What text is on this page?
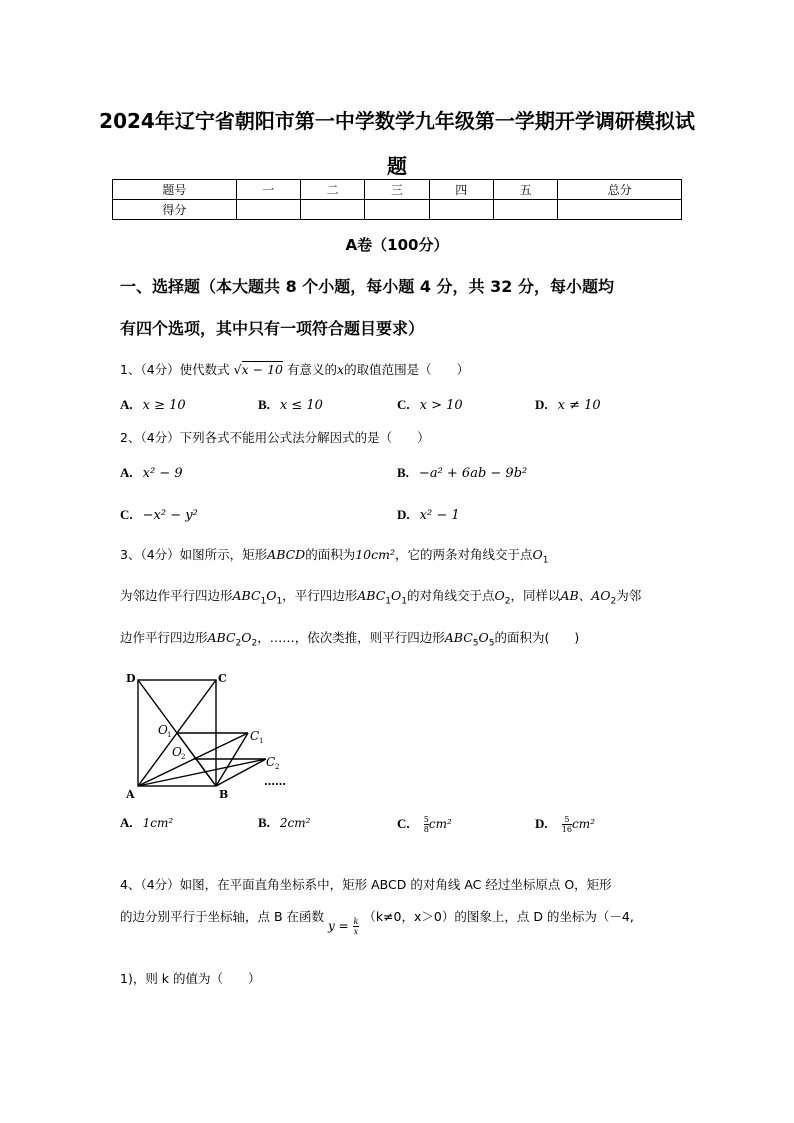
2024年辽宁省朝阳市第一中学数学九年级第一学期开学调研模拟试
题
题号	一	二	三	四	五	总分
得分						
A卷（100分）
一、选择题（本大题共 8 个小题，每小题 4 分，共 32 分，每小题均
有四个选项，其中只有一项符合题目要求）
1、（4分）使代数式 √x − 10 有意义的x的取值范围是（　　）
A. x ≥ 10	B. x ≤ 10	C. x > 10	D. x ≠ 10
2、（4分）下列各式不能用公式法分解因式的是（　　）
A. x² − 9	B. −a² + 6ab − 9b²
C. −x² − y²	D. x² − 1
3、（4分）如图所示，矩形ABCD的面积为10cm²，它的两条对角线交于点$O_1$
为邻边作平行四边形$ABC_1O_1$，平行四边形$ABC_1O_1$的对角线交于点$O_2$，同样以AB、$AO_2$为邻
边作平行四边形$ABC_2O_2$，……，依次类推，则平行四边形$ABC_5O_5$的面积为(　　)
D	C
O 1
O 2
C 1
C 2
……
A	B
A. 1cm²	B. 2cm²	C. $\frac{5}{8} cm^2$	D. $\frac{5}{16} cm^2$
4、（4分）如图，在平面直角坐标系中，矩形 ABCD 的对角线 AC 经过坐标原点 O，矩形
的边分别平行于坐标轴，点 B 在函数 $y = \frac{k}{x}$
（k≠0，x＞0）的图象上，点 D 的坐标为（－4,
1)，则 k 的值为（　　）
